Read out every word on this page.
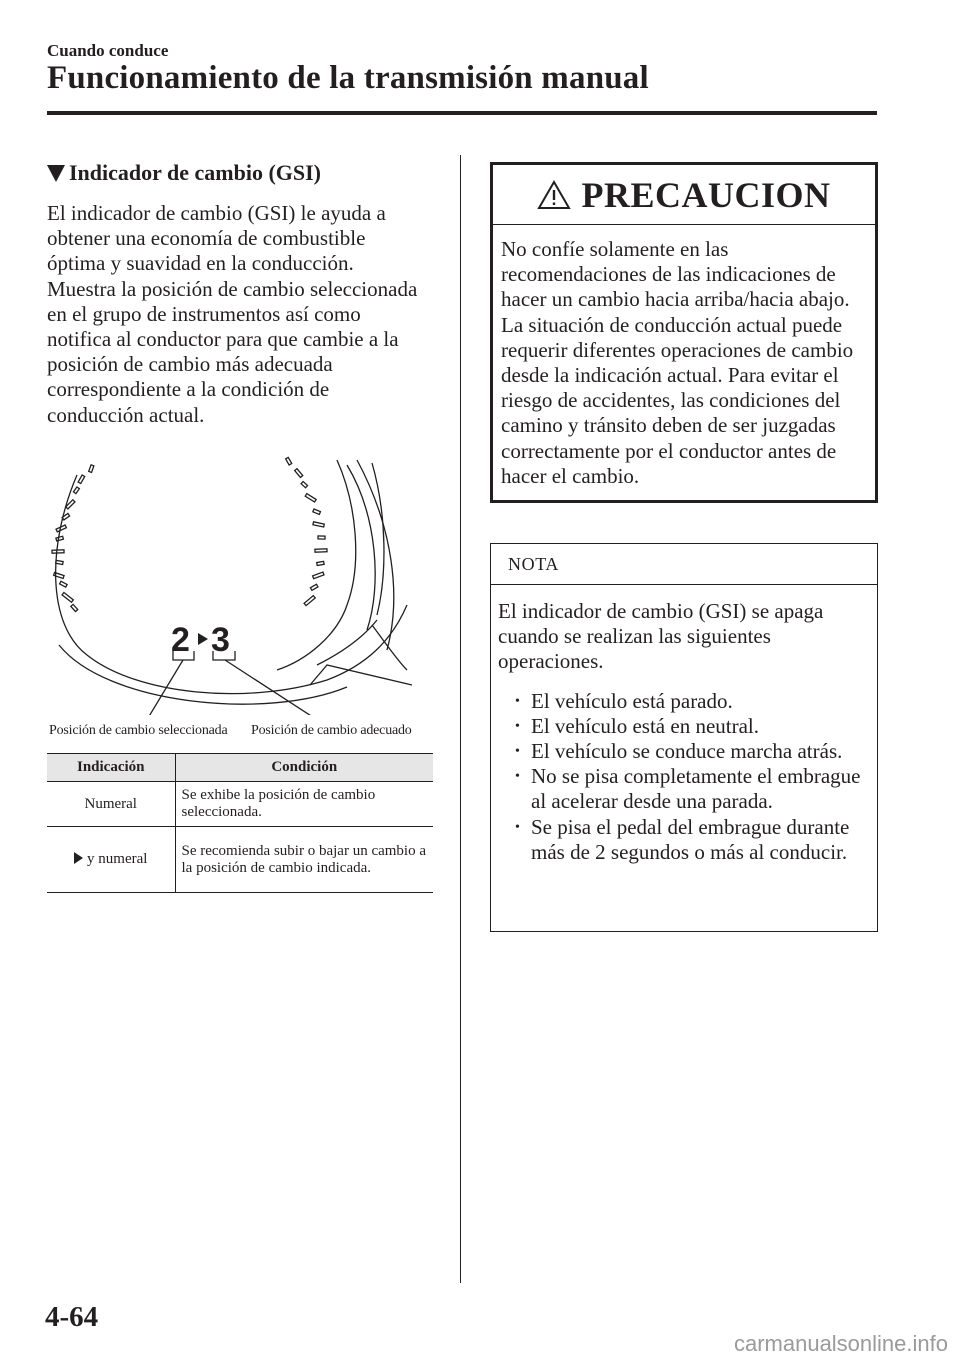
Cuando conduce
Funcionamiento de la transmisión manual
Indicador de cambio (GSI)
El indicador de cambio (GSI) le ayuda a obtener una economía de combustible óptima y suavidad en la conducción. Muestra la posición de cambio seleccionada en el grupo de instrumentos así como notifica al conductor para que cambie a la posición de cambio más adecuada correspondiente a la condición de conducción actual.
2 3
Posición de cambio seleccionada Posición de cambio adecuado
Indicación	Condición
Numeral	Se exhibe la posición de cambio seleccionada.
y numeral	Se recomienda subir o bajar un cambio a la posición de cambio indicada.
PRECAUCION
No confíe solamente en las recomendaciones de las indicaciones de hacer un cambio hacia arriba/hacia abajo. La situación de conducción actual puede requerir diferentes operaciones de cambio desde la indicación actual. Para evitar el riesgo de accidentes, las condiciones del camino y tránsito deben de ser juzgadas correctamente por el conductor antes de hacer el cambio.
NOTA
El indicador de cambio (GSI) se apaga cuando se realizan las siguientes operaciones.
• El vehículo está parado.
• El vehículo está en neutral.
• El vehículo se conduce marcha atrás.
• No se pisa completamente el embrague al acelerar desde una parada.
• Se pisa el pedal del embrague durante más de 2 segundos o más al conducir.
4-64
carmanualsonline.info
